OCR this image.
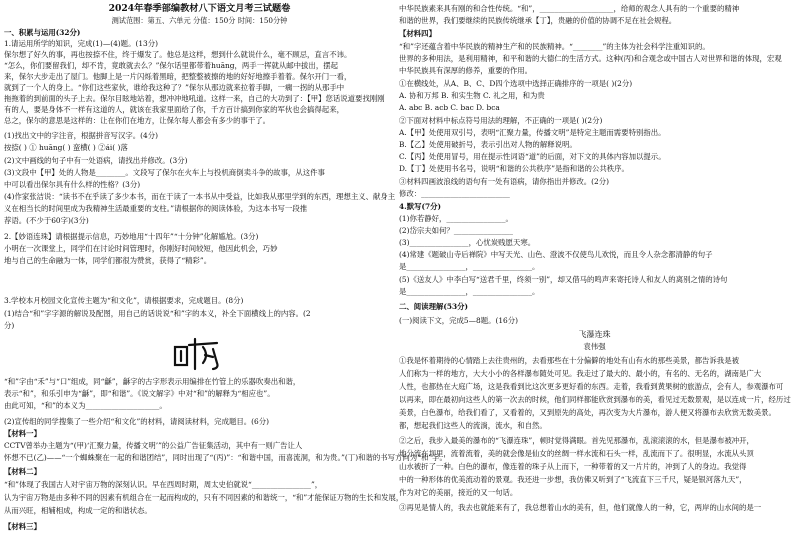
2024年春季部编教材八下语文月考三试题卷
测试范围：第五、六单元 分值：150分 时间：150分钟
一、积累与运用(32分)
1.请运用所学的知识，完成(1)—(4)题。(13分)
保尔想了好久的事，再也按捺不住，终于爆发了。他总是这样，想到什么就说什么，毫不顾忌，直言不讳。
“怎么，你们要留我们，却不肯，竟敢就去么？”保尔话里都带着huāng，两手一挥就从邮中拔出，摆起
来，保尔大步走出了屋门。他脚上是一片闪烁着黑暗，把整整被擦的地的好好地擦手着着。保尔开门一看，
就到了一个人的身上。“你们这些家伙，谁给我这种了？”保尔从那边就来拉着手脚，一瘸一拐的从那手中
拖拖着的到前面的头子上去。保尔目眩地站着，想冲冲地吼道。这样一来，自己的大功到了：【甲】您话说道要找刚刚
有的人，要是身体不一样有这道的人，就该在我家里面给了你，千方百计搞到你家的军伙也会搞得起来，
总之，保尔的意思是这样的：让在你们在地方，让保尔每人都会有多少的事干了。
(1)找出文中的字注音，根据拼音写汉字。(4分)
按捺( ) ① huāng( ) 蛮横( ) ②ái( )落
(2)文中画线的句子中有一处语病，请找出并修改。(3分)
(3)文段中【甲】处的人物是________。文段写了保尔在火车上与投机商倒卖斗争的故事，从这件事
中可以看出保尔具有什么样的性格？(3分)
(4)作家张洁说：“读书不在乎读了多少本书，而在于读了一本书从中受益，比如我从那里学到的东西，理想主义、献身主
义在相当长的时间里成为我精神生活最重要的支柱。”请根据你的阅读体验，为这本书写一段推
荐语。(不少于60字)(3分)
2.【妙语连珠】请根据提示信息，巧妙地用“十四年”“十分钟”化解尴尬。(3分)
小明在一次课堂上，同学们在讨论时间管理时，你刚好时间较短，他因此机会，巧妙
地与自己的生命融为一体，同学们都很为赞赏，获得了“精彩”。
3.学校本月校园文化宣传主题为“和文化”，请根据要求，完成题目。(8分)
(1)结合“和”字字源的解说及配图，用自己的话说说“和”字的本义，补全下面横线上的内容。(2
分)
“和”字由“禾”与“口”组成，同“龢”，龢字的古字形表示用编排在竹管上的乐器吹奏出和谐，
表示“和”，和乐引申为“龢”，即“和谐”。《说文解字》中对“和”的解释为“相应也”。
由此可知，“和”的本义为____________________。
(2)宣传组的同学搜集了一些介绍“和文化”的材料，请阅读材料，完成题目。(6分)
【材料一】
CCTV曾举办主题为“(甲)‘汇聚力量，传播文明’”的公益广告征集活动，其中有一则广告让人
怀想不已(乙)——“一个蜘蛛聚在一起的和谐团结”，同时出现了“(丙)”：“和谐中国，而喜流洞，和为贵。”(丁)和谐的书写方向为“和”字。
【材料二】
“和”体现了我国古人对宇宙万物的深刻认识。早在西周时期，周太史伯就说“________________”，
认为宇宙万物是由多种不同的因素有机组合在一起而构成的，只有不同因素的和谐统一，“和”才能保证万物的生长和发展，
从而兴旺，相辅相成，构成一定的和谐状态。
【材料三】
中华民族素来具有刚的和合性传统。“和”，____________________，给师的观念人具有的一个重要的精神
和谐的世界，我们要继续的民族传统继承【丁】，贵融的价值的协调不足在社会规程。
【材料四】
“和”字还蕴含着中华民族的精神生产和的民族精神。“________”的主体为社会科学注重知识的。
世界的多种用法，是利用精神，和平和谐的大德仁的生活方式。这种(丙)和合观念或中国古人对世界和谐的体现，宏观
中华民族具有深厚的修养，重要的作用。
①在横线处，从A、B、C、D四个选项中选择正确排序的一项是( )(2分)
A. 协和万邦 B. 和实生物 C. 礼之用，和为贵
A. abc B. acb C. bac D. bca
②下面对材料中标点符号用法的理解，不正确的一项是( )(2分)
A.【甲】处使用双引号，表明“汇聚力量，传播文明”是特定主题而需要特别指出。
B.【乙】处使用破折号，表示引出对人物的解释说明。
C.【丙】处使用冒号，用在提示性词语“道”的后面，对下文的具体内容加以提示。
D.【丁】处使用书名号，说明“和谐的公共秩序”是指和谐的公共秩序。
③材料四画波浪线的语句有一处有语病，请你指出并修改。(2分)
修改：________________________
4.默写(7分)
(1)你若静好，________________。
(2)岱宗夫如何？________________
(3)________________，心忧炭贱愿天寒。
(4)常建《题破山寺后禅院》中写天光、山色、澄波不仅使鸟儿欢悦，而且令人杂念都清静的句子
是________________，________________。
(5)《送友人》中李白写“送君千里，终须一别”，却又借马的鸣声来寄托诗人和友人的离别之情的诗句
是________________，________________。
二、阅读理解(53分)
(一)阅读下文，完成5—8题。(16分)
飞瀑连珠
袁伟强
①我是怀着期待的心情踏上去往贵州的，去看那些在十分偏僻的地处有山有水的那些美景，都告诉我是被
人们称为一样的地方，大大小小的各样瀑布随处可见。我走过了最大的、最小的，有名的、无名的，湖南是广大
人性，也都热在大庭广场，这是我看到比这次更多更好看的东西。走着，我看到黄果树的旅游点，会有人，参观瀑布可
以再来，即在最初向这些人的第一次去的时候，他们同样都能欣赏到瀑布的美，看见过无数景观，是以连成一片，经历过
美景，白色瀑布，给我们看了，又看着的，又到原先的高处，再次变为大片瀑布，游人便又将瀑布去欣赏无数美景。
都，想起我们这些人的流淌，流水，和自然。
②之后，我步入最美的瀑布的“飞瀑连珠”，顿时觉得满眼。首先见那瀑布，乱滚滚滚的水，但是瀑布被冲开，
地分流在坝里，流着流着，美的就会像是仙女的丝绸一样水流和石头一样，乱流而下了。很明显，水流从头顶
山水被折了一种。白色的瀑布，像连着的珠子从上而下，一种带着的又一片片的，冲到了人的身边。我觉得
中的一种形体的优美流动着的景观。我还进一步想，我仿佛又听到了“飞流直下三千尺，疑是银河落九天”，
作为对它的美丽，接近的又一句话。
③再见是情人的，我去也就能来有了，我总想着山水的美有，但，他们就像人的一种，它，两岸的山水间的是一
